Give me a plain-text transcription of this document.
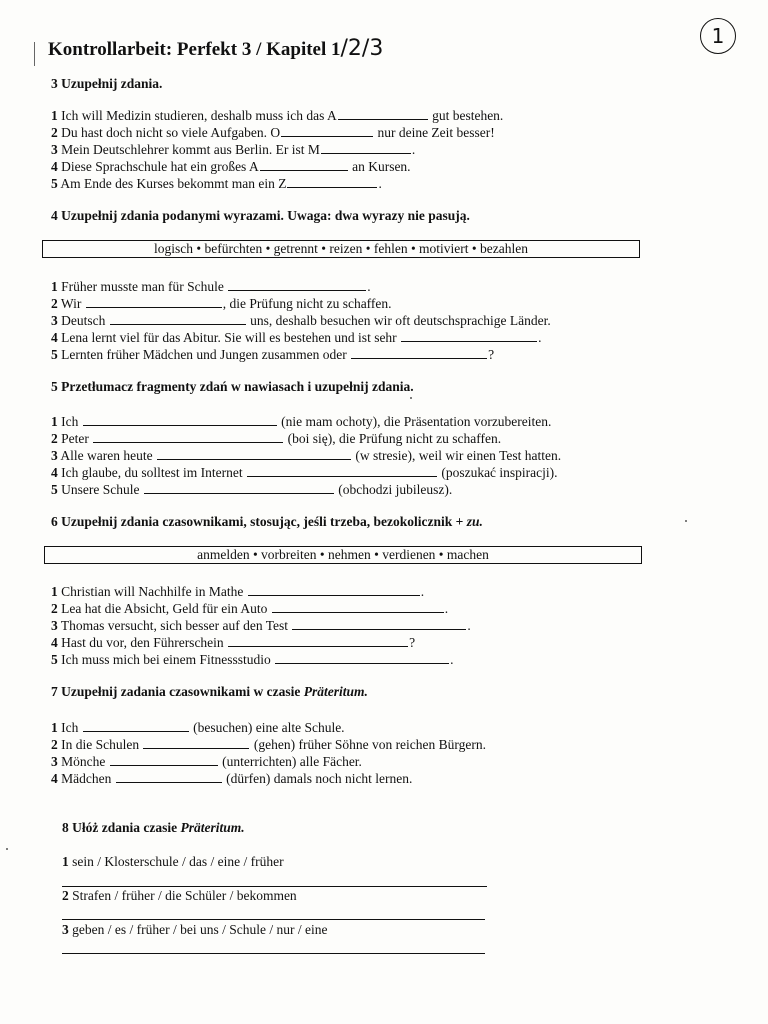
Kontrollarbeit: Perfekt 3 / Kapitel 1/2/3	1
3 Uzupełnij zdania.
1 Ich will Medizin studieren, deshalb muss ich das A	gut bestehen.
2 Du hast doch nicht so viele Aufgaben. O	nur deine Zeit besser!
3 Mein Deutschlehrer kommt aus Berlin. Er ist M	.
4 Diese Sprachschule hat ein großes A	an Kursen.
5 Am Ende des Kurses bekommt man ein Z	.
4 Uzupełnij zdania podanymi wyrazami. Uwaga: dwa wyrazy nie pasują.
logisch • befürchten • getrennt • reizen • fehlen • motiviert • bezahlen
1 Früher musste man für Schule	.
2 Wir	, die Prüfung nicht zu schaffen.
3 Deutsch	uns, deshalb besuchen wir oft deutschsprachige Länder.
4 Lena lernt viel für das Abitur. Sie will es bestehen und ist sehr	.
5 Lernten früher Mädchen und Jungen zusammen oder	?
5 Przetłumacz fragmenty zdań w nawiasach i uzupełnij zdania.
1 Ich	(nie mam ochoty), die Präsentation vorzubereiten.
2 Peter	(boi się), die Prüfung nicht zu schaffen.
3 Alle waren heute	(w stresie), weil wir einen Test hatten.
4 Ich glaube, du solltest im Internet	(poszukać inspiracji).
5 Unsere Schule	(obchodzi jubileusz).
6 Uzupełnij zdania czasownikami, stosując, jeśli trzeba, bezokolicznik + zu.
anmelden • vorbreiten • nehmen • verdienen • machen
1 Christian will Nachhilfe in Mathe	.
2 Lea hat die Absicht, Geld für ein Auto	.
3 Thomas versucht, sich besser auf den Test	.
4 Hast du vor, den Führerschein	?
5 Ich muss mich bei einem Fitnessstudio	.
7 Uzupełnij zadania czasownikami w czasie Präteritum.
1 Ich	(besuchen) eine alte Schule.
2 In die Schulen	(gehen) früher Söhne von reichen Bürgern.
3 Mönche	(unterrichten) alle Fächer.
4 Mädchen	(dürfen) damals noch nicht lernen.
8 Ułóż zdania czasie Präteritum.
1 sein / Klosterschule / das / eine / früher
2 Strafen / früher / die Schüler / bekommen
3 geben / es / früher / bei uns / Schule / nur / eine
